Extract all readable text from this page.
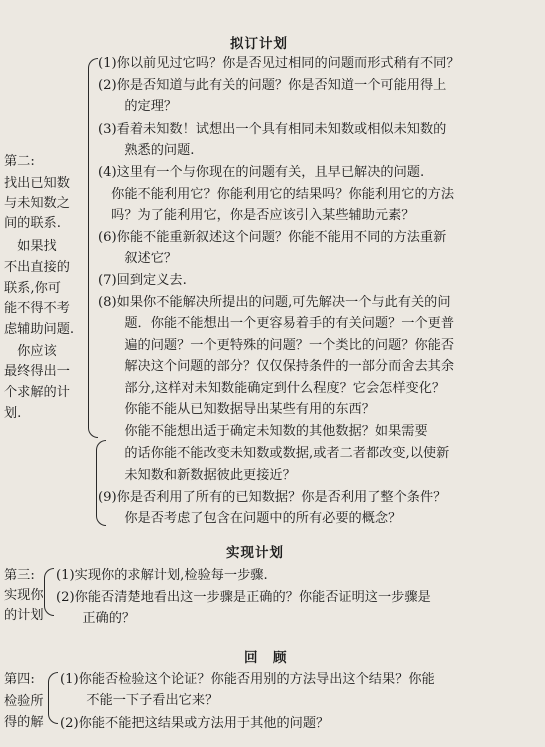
拟订计划
实现计划
回　顾
第二:
找出已知数
与未知数之
间的联系.
　如果找
不出直接的
联系,你可
能不得不考
虑辅助问题.
　你应该
最终得出一
个求解的计
划.
第三:
实现你
的计划
第四:
检验所
得的解
(1)你以前见过它吗？你是否见过相同的问题而形式稍有不同？
(2)你是否知道与此有关的问题？你是否知道一个可能用得上
　　的定理？
(3)看着未知数！试想出一个具有相同未知数或相似未知数的
　　熟悉的问题.
(4)这里有一个与你现在的问题有关，且早已解决的问题.
　你能不能利用它？你能利用它的结果吗？你能利用它的方法
　吗？为了能利用它，你是否应该引入某些辅助元素？
(6)你能不能重新叙述这个问题？你能不能用不同的方法重新
　　叙述它？
(7)回到定义去.
(8)如果你不能解决所提出的问题,可先解决一个与此有关的问
　　题．你能不能想出一个更容易着手的有关问题？一个更普
　　遍的问题？一个更特殊的问题？一个类比的问题？你能否
　　解决这个问题的部分？仅仅保持条件的一部分而舍去其余
　　部分,这样对未知数能确定到什么程度？它会怎样变化？
　　你能不能从已知数据导出某些有用的东西？
　　你能不能想出适于确定未知数的其他数据？如果需要
　　的话你能不能改变未知数或数据,或者二者都改变,以使新
　　未知数和新数据彼此更接近？
(9)你是否利用了所有的已知数据？你是否利用了整个条件？
　　你是否考虑了包含在问题中的所有必要的概念？
(1)实现你的求解计划,检验每一步骤.
(2)你能否清楚地看出这一步骤是正确的？你能否证明这一步骤是
　　正确的？
(1)你能否检验这个论证？你能否用别的方法导出这个结果？你能
　　不能一下子看出它来？
(2)你能不能把这结果或方法用于其他的问题？
